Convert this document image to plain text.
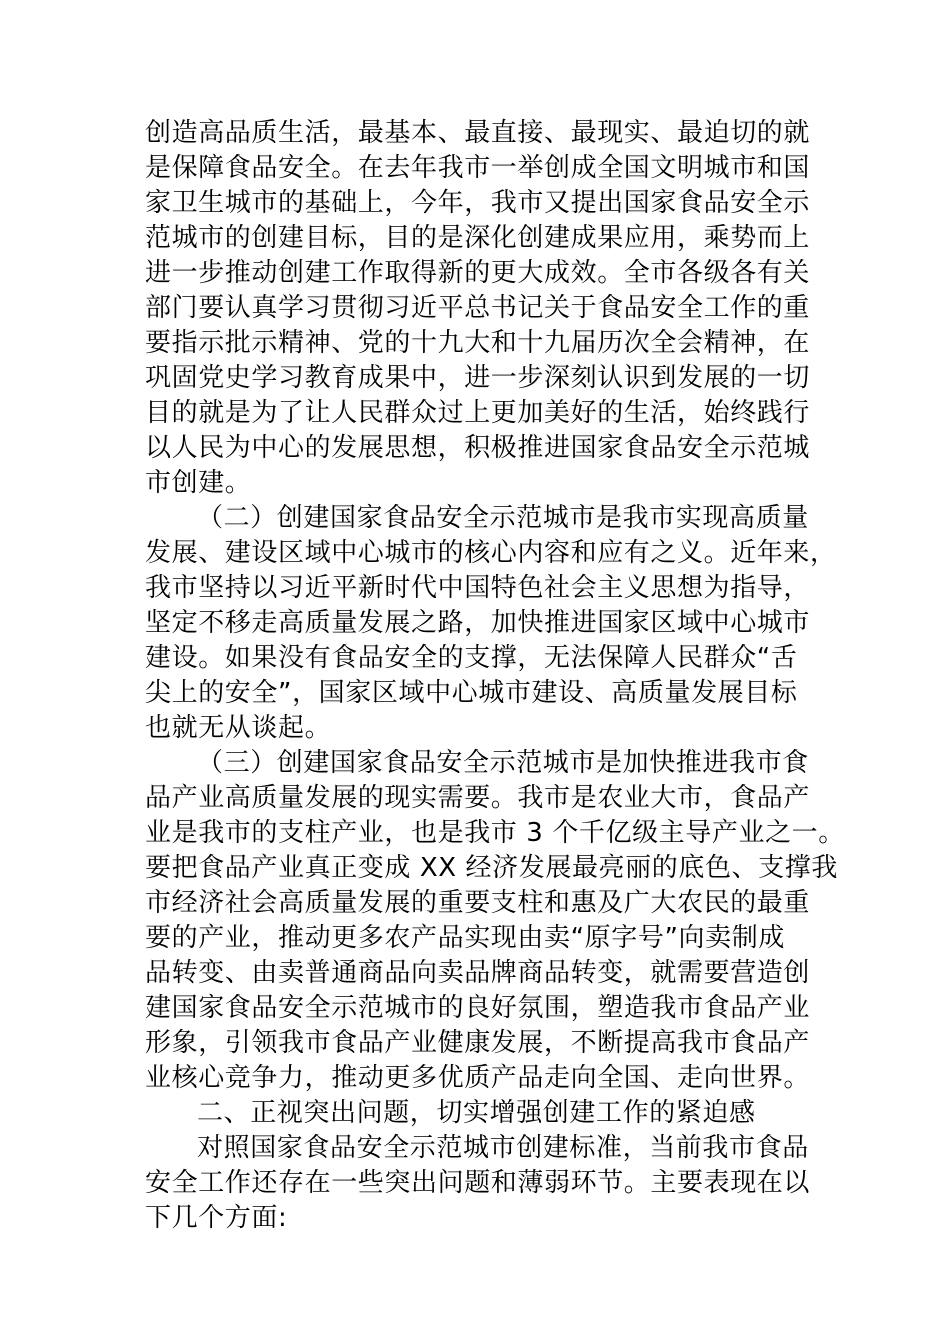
创造高品质生活，最基本、最直接、最现实、最迫切的就
是保障食品安全。在去年我市一举创成全国文明城市和国
家卫生城市的基础上，今年，我市又提出国家食品安全示
范城市的创建目标，目的是深化创建成果应用，乘势而上
进一步推动创建工作取得新的更大成效。全市各级各有关
部门要认真学习贯彻习近平总书记关于食品安全工作的重
要指示批示精神、党的十九大和十九届历次全会精神，在
巩固党史学习教育成果中，进一步深刻认识到发展的一切
目的就是为了让人民群众过上更加美好的生活，始终践行
以人民为中心的发展思想，积极推进国家食品安全示范城
市创建。
（二）创建国家食品安全示范城市是我市实现高质量
发展、建设区域中心城市的核心内容和应有之义。近年来，
我市坚持以习近平新时代中国特色社会主义思想为指导，
坚定不移走高质量发展之路，加快推进国家区域中心城市
建设。如果没有食品安全的支撑，无法保障人民群众“舌
尖上的安全”，国家区域中心城市建设、高质量发展目标
也就无从谈起。
（三）创建国家食品安全示范城市是加快推进我市食
品产业高质量发展的现实需要。我市是农业大市，食品产
业是我市的支柱产业，也是我市 3 个千亿级主导产业之一。
要把食品产业真正变成 XX 经济发展最亮丽的底色、支撑我
市经济社会高质量发展的重要支柱和惠及广大农民的最重
要的产业，推动更多农产品实现由卖“原字号”向卖制成
品转变、由卖普通商品向卖品牌商品转变，就需要营造创
建国家食品安全示范城市的良好氛围，塑造我市食品产业
形象，引领我市食品产业健康发展，不断提高我市食品产
业核心竞争力，推动更多优质产品走向全国、走向世界。
二、正视突出问题，切实增强创建工作的紧迫感
对照国家食品安全示范城市创建标准，当前我市食品
安全工作还存在一些突出问题和薄弱环节。主要表现在以
下几个方面:
